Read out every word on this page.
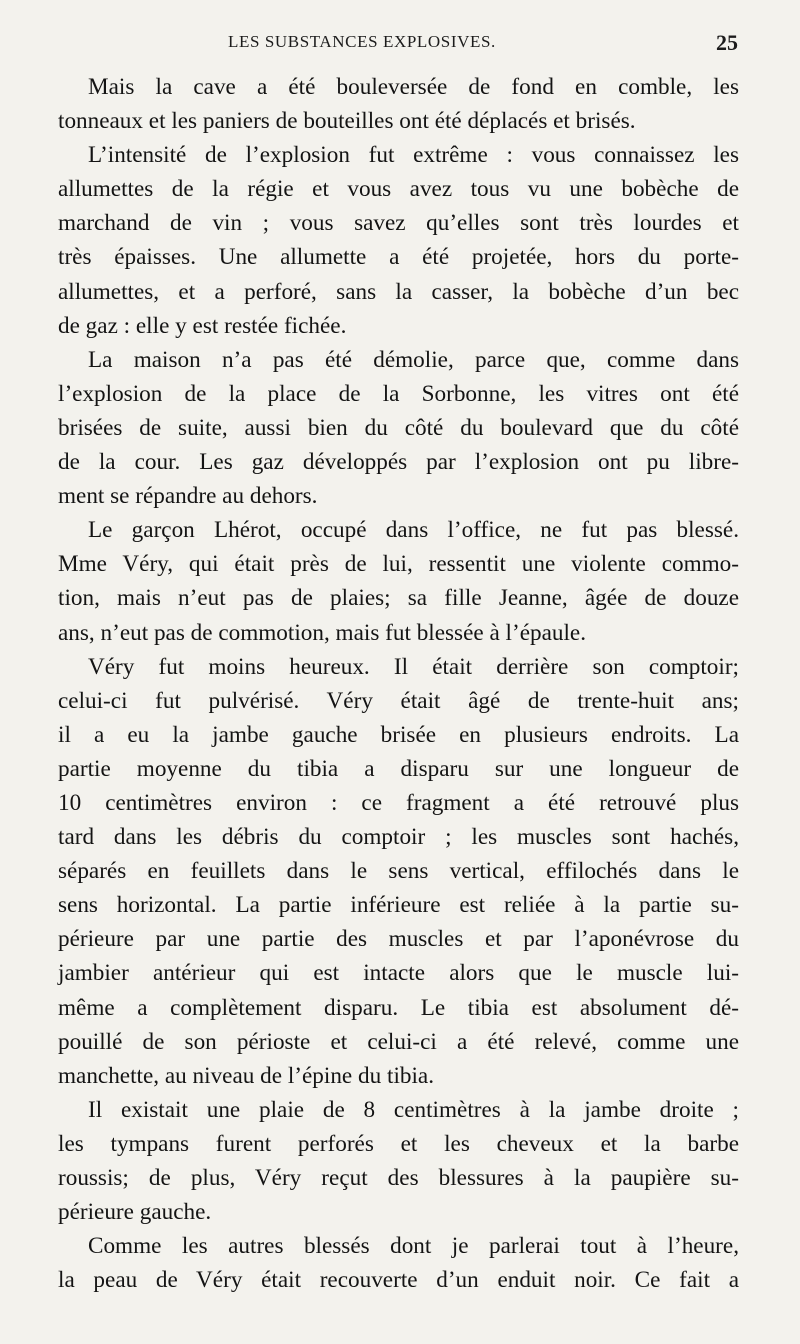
LES SUBSTANCES EXPLOSIVES.	25
Mais la cave a été bouleversée de fond en comble, les
tonneaux et les paniers de bouteilles ont été déplacés et brisés.
L’intensité de l’explosion fut extrême : vous connaissez les
allumettes de la régie et vous avez tous vu une bobèche de
marchand de vin ; vous savez qu’elles sont très lourdes et
très épaisses. Une allumette a été projetée, hors du porte-
allumettes, et a perforé, sans la casser, la bobèche d’un bec
de gaz : elle y est restée fichée.
La maison n’a pas été démolie, parce que, comme dans
l’explosion de la place de la Sorbonne, les vitres ont été
brisées de suite, aussi bien du côté du boulevard que du côté
de la cour. Les gaz développés par l’explosion ont pu libre-
ment se répandre au dehors.
Le garçon Lhérot, occupé dans l’office, ne fut pas blessé.
Mme Véry, qui était près de lui, ressentit une violente commo-
tion, mais n’eut pas de plaies; sa fille Jeanne, âgée de douze
ans, n’eut pas de commotion, mais fut blessée à l’épaule.
Véry fut moins heureux. Il était derrière son comptoir;
celui-ci fut pulvérisé. Véry était âgé de trente-huit ans;
il a eu la jambe gauche brisée en plusieurs endroits. La
partie moyenne du tibia a disparu sur une longueur de
10 centimètres environ : ce fragment a été retrouvé plus
tard dans les débris du comptoir ; les muscles sont hachés,
séparés en feuillets dans le sens vertical, effilochés dans le
sens horizontal. La partie inférieure est reliée à la partie su-
périeure par une partie des muscles et par l’aponévrose du
jambier antérieur qui est intacte alors que le muscle lui-
même a complètement disparu. Le tibia est absolument dé-
pouillé de son périoste et celui-ci a été relevé, comme une
manchette, au niveau de l’épine du tibia.
Il existait une plaie de 8 centimètres à la jambe droite ;
les tympans furent perforés et les cheveux et la barbe
roussis; de plus, Véry reçut des blessures à la paupière su-
périeure gauche.
Comme les autres blessés dont je parlerai tout à l’heure,
la peau de Véry était recouverte d’un enduit noir. Ce fait a
